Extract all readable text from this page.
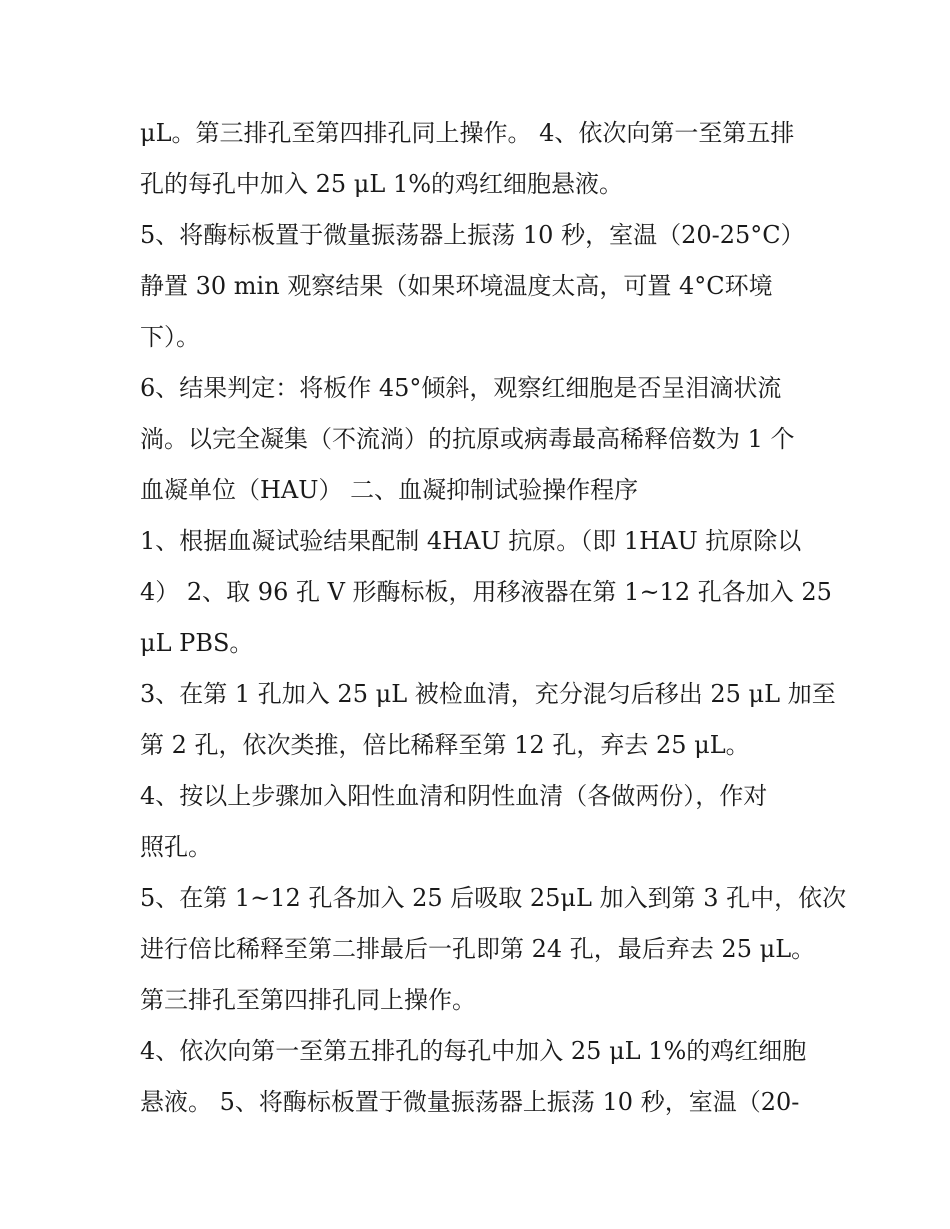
μL。第三排孔至第四排孔同上操作。 4、依次向第一至第五排
孔的每孔中加入 25 μL 1%的鸡红细胞悬液。
5、将酶标板置于微量振荡器上振荡 10 秒，室温（20-25°C）
静置 30 min 观察结果（如果环境温度太高，可置 4°C环境
下）。
6、结果判定：将板作 45°倾斜，观察红细胞是否呈泪滴状流
淌。以完全凝集（不流淌）的抗原或病毒最高稀释倍数为 1 个
血凝单位（HAU） 二、血凝抑制试验操作程序
1、根据血凝试验结果配制 4HAU 抗原。（即 1HAU 抗原除以
4） 2、取 96 孔 V 形酶标板，用移液器在第 1~12 孔各加入 25
μL PBS。
3、在第 1 孔加入 25 μL 被检血清，充分混匀后移出 25 μL 加至
第 2 孔，依次类推，倍比稀释至第 12 孔，弃去 25 μL。
4、按以上步骤加入阳性血清和阴性血清（各做两份），作对
照孔。
5、在第 1~12 孔各加入 25 后吸取 25μL 加入到第 3 孔中，依次
进行倍比稀释至第二排最后一孔即第 24 孔，最后弃去 25 μL。
第三排孔至第四排孔同上操作。
4、依次向第一至第五排孔的每孔中加入 25 μL 1%的鸡红细胞
悬液。 5、将酶标板置于微量振荡器上振荡 10 秒，室温（20-
